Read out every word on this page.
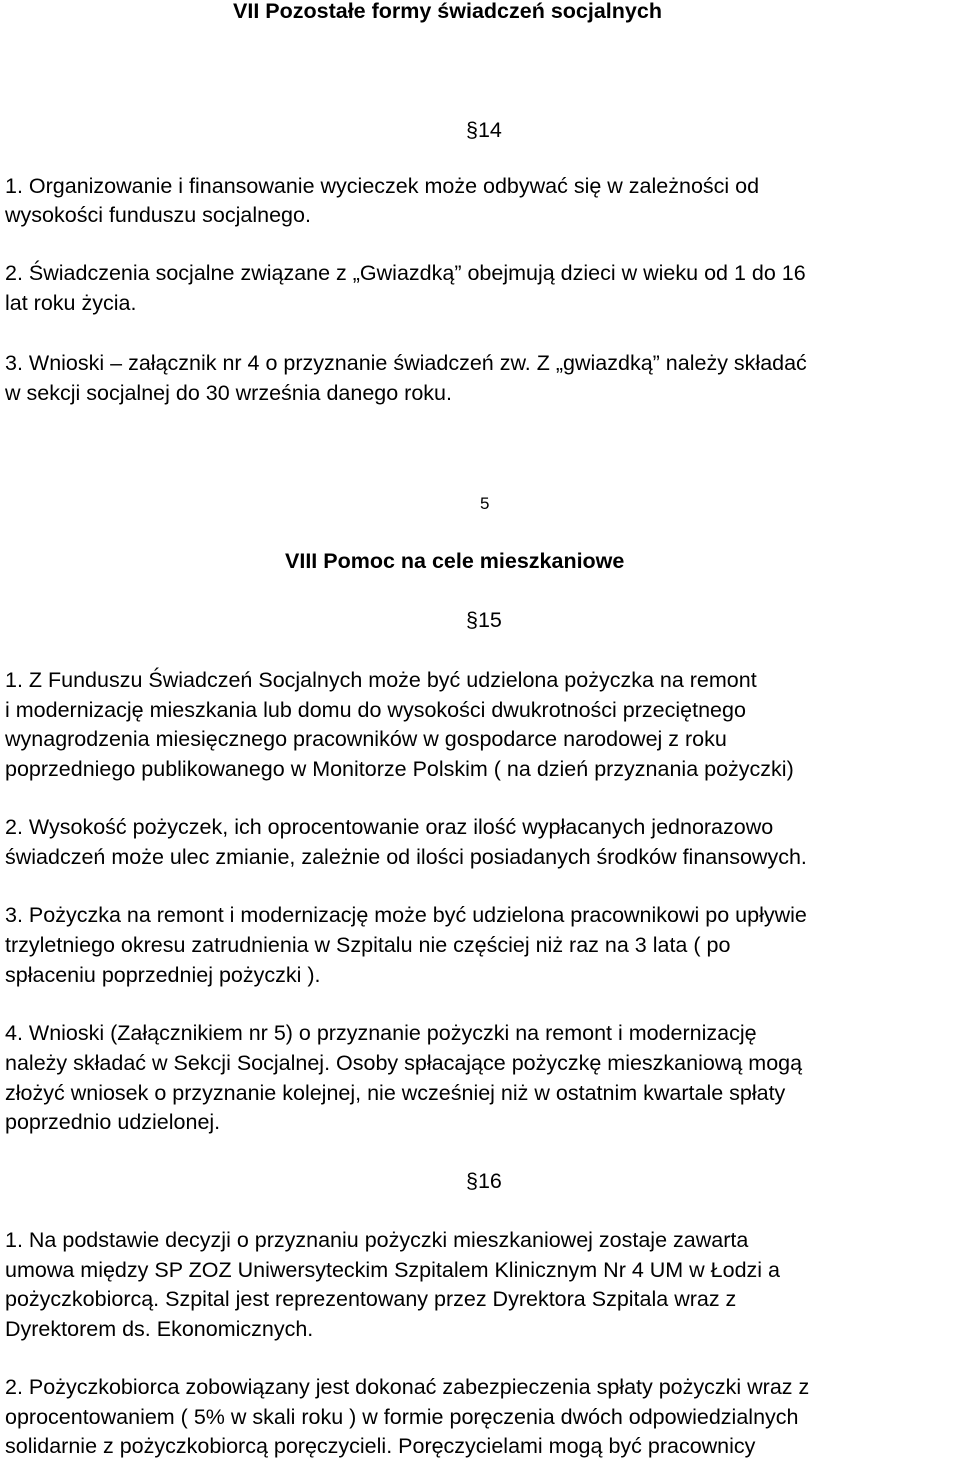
VII Pozostałe formy świadczeń socjalnych
§14
1. Organizowanie i finansowanie wycieczek może odbywać się w zależności od
wysokości funduszu socjalnego.
2. Świadczenia socjalne związane z „Gwiazdką” obejmują dzieci w wieku od 1 do 16
lat roku życia.
3. Wnioski – załącznik nr 4 o przyznanie świadczeń zw. Z „gwiazdką” należy składać
w sekcji socjalnej do 30 września danego roku.
5
VIII Pomoc na cele mieszkaniowe
§15
1. Z Funduszu Świadczeń Socjalnych może być udzielona pożyczka na remont
i modernizację mieszkania lub domu do wysokości dwukrotności przeciętnego
wynagrodzenia miesięcznego pracowników w gospodarce narodowej z roku
poprzedniego publikowanego w Monitorze Polskim ( na dzień przyznania pożyczki)
2. Wysokość pożyczek, ich oprocentowanie oraz ilość wypłacanych jednorazowo
świadczeń może ulec zmianie, zależnie od ilości posiadanych środków finansowych.
3. Pożyczka na remont i modernizację może być udzielona pracownikowi po upływie
trzyletniego okresu zatrudnienia w Szpitalu nie częściej niż raz na 3 lata ( po
spłaceniu poprzedniej pożyczki ).
4. Wnioski (Załącznikiem nr 5) o przyznanie pożyczki na remont i modernizację
należy składać w Sekcji Socjalnej. Osoby spłacające pożyczkę mieszkaniową mogą
złożyć wniosek o przyznanie kolejnej, nie wcześniej niż w ostatnim kwartale spłaty
poprzednio udzielonej.
§16
1. Na podstawie decyzji o przyznaniu pożyczki mieszkaniowej zostaje zawarta
umowa między SP ZOZ Uniwersyteckim Szpitalem Klinicznym Nr 4 UM w Łodzi a
pożyczkobiorcą. Szpital jest reprezentowany przez Dyrektora Szpitala wraz z
Dyrektorem ds. Ekonomicznych.
2. Pożyczkobiorca zobowiązany jest dokonać zabezpieczenia spłaty pożyczki wraz z
oprocentowaniem ( 5% w skali roku ) w formie poręczenia dwóch odpowiedzialnych
solidarnie z pożyczkobiorcą poręczycieli. Poręczycielami mogą być pracownicy
